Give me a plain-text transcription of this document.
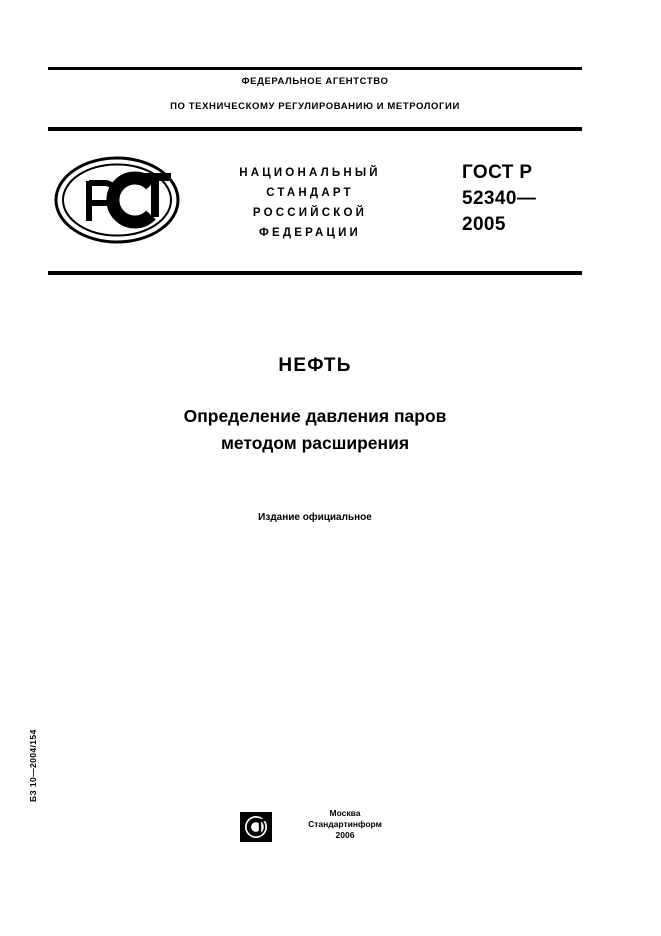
ФЕДЕРАЛЬНОЕ АГЕНТСТВО
ПО ТЕХНИЧЕСКОМУ РЕГУЛИРОВАНИЮ И МЕТРОЛОГИИ
НАЦИОНАЛЬНЫЙ
СТАНДАРТ
РОССИЙСКОЙ
ФЕДЕРАЦИИ
ГОСТ Р
52340—
2005
НЕФТЬ
Определение давления паров
методом расширения
Издание официальное
БЗ 10—2004/154
Москва
Стандартинформ
2006
